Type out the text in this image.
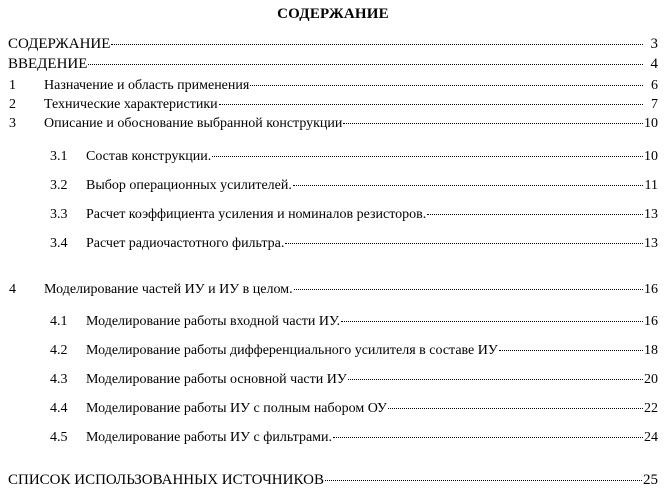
СОДЕРЖАНИЕ
СОДЕРЖАНИЕ	3
ВВЕДЕНИЕ	4
1 Назначение и область применения	6
2 Технические характеристики	7
3 Описание и обоснование выбранной конструкции	10
3.1 Состав конструкции.	10
3.2 Выбор операционных усилителей.	11
3.3 Расчет коэффициента усиления и номиналов резисторов.	13
3.4 Расчет радиочастотного фильтра.	13
4 Моделирование частей ИУ и ИУ в целом.	16
4.1 Моделирование работы входной части ИУ.	16
4.2 Моделирование работы дифференциального усилителя в составе ИУ	18
4.3 Моделирование работы основной части ИУ	20
4.4 Моделирование работы ИУ с полным набором ОУ	22
4.5 Моделирование работы ИУ с фильтрами.	24
СПИСОК ИСПОЛЬЗОВАННЫХ ИСТОЧНИКОВ	25
